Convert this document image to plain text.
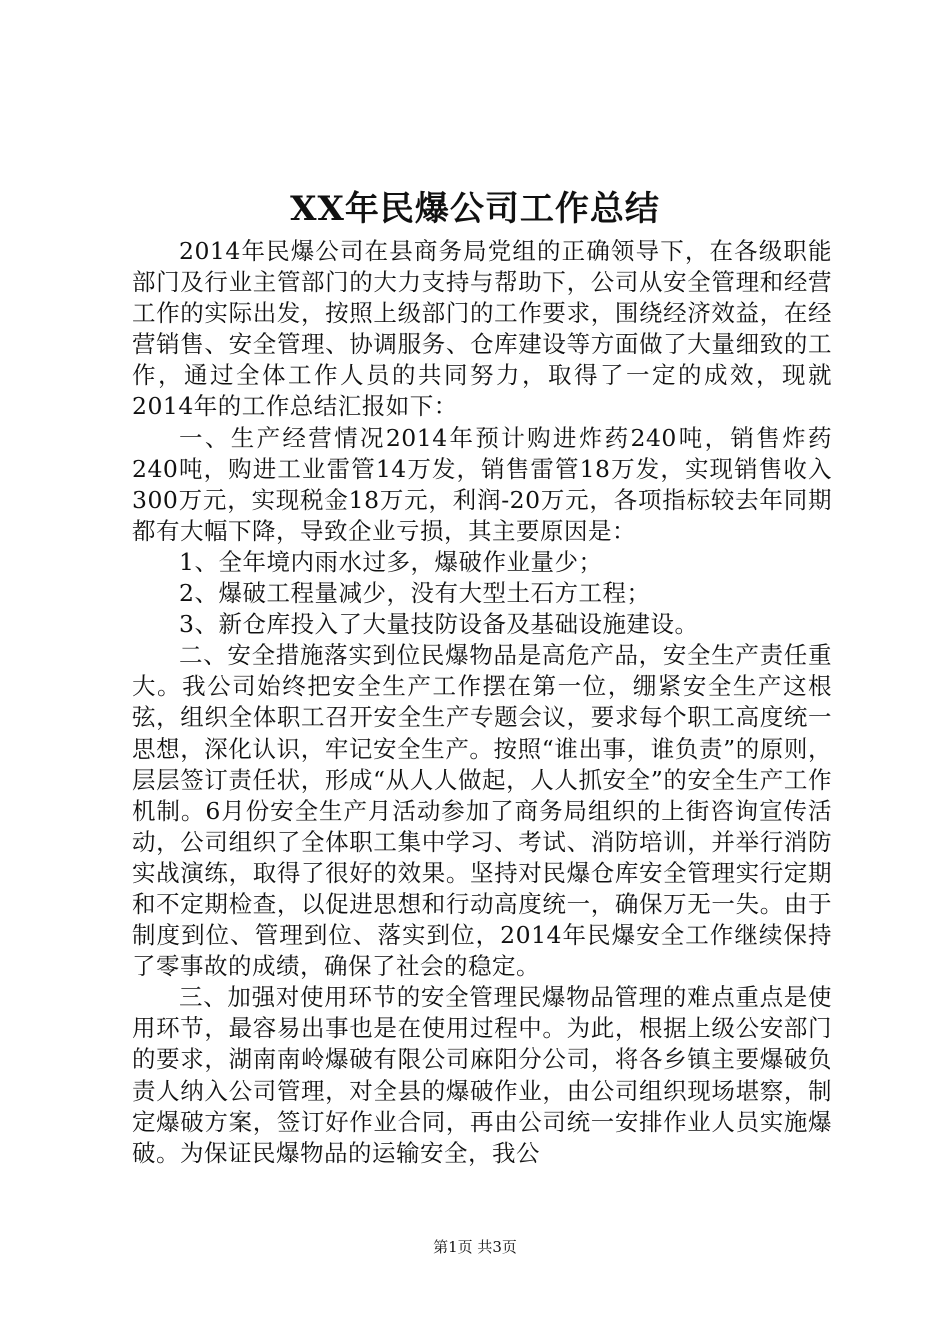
XX年民爆公司工作总结

2014年民爆公司在县商务局党组的正确领导下，在各级职能部门及行业主管部门的大力支持与帮助下，公司从安全管理和经营工作的实际出发，按照上级部门的工作要求，围绕经济效益，在经营销售、安全管理、协调服务、仓库建设等方面做了大量细致的工作，通过全体工作人员的共同努力，取得了一定的成效，现就2014年的工作总结汇报如下：

一、生产经营情况2014年预计购进炸药240吨，销售炸药240吨，购进工业雷管14万发，销售雷管18万发，实现销售收入300万元，实现税金18万元，利润-20万元，各项指标较去年同期都有大幅下降，导致企业亏损，其主要原因是：

1、全年境内雨水过多，爆破作业量少；

2、爆破工程量减少，没有大型土石方工程；

3、新仓库投入了大量技防设备及基础设施建设。

二、安全措施落实到位民爆物品是高危产品，安全生产责任重大。我公司始终把安全生产工作摆在第一位，绷紧安全生产这根弦，组织全体职工召开安全生产专题会议，要求每个职工高度统一思想，深化认识，牢记安全生产。按照“谁出事，谁负责”的原则，层层签订责任状，形成“从人人做起，人人抓安全”的安全生产工作机制。6月份安全生产月活动参加了商务局组织的上街咨询宣传活动，公司组织了全体职工集中学习、考试、消防培训，并举行消防实战演练，取得了很好的效果。坚持对民爆仓库安全管理实行定期和不定期检查，以促进思想和行动高度统一，确保万无一失。由于制度到位、管理到位、落实到位，2014年民爆安全工作继续保持了零事故的成绩，确保了社会的稳定。

三、加强对使用环节的安全管理民爆物品管理的难点重点是使用环节，最容易出事也是在使用过程中。为此，根据上级公安部门的要求，湖南南岭爆破有限公司麻阳分公司，将各乡镇主要爆破负责人纳入公司管理，对全县的爆破作业，由公司组织现场堪察，制定爆破方案，签订好作业合同，再由公司统一安排作业人员实施爆破。为保证民爆物品的运输安全，我公

第1页 共3页
